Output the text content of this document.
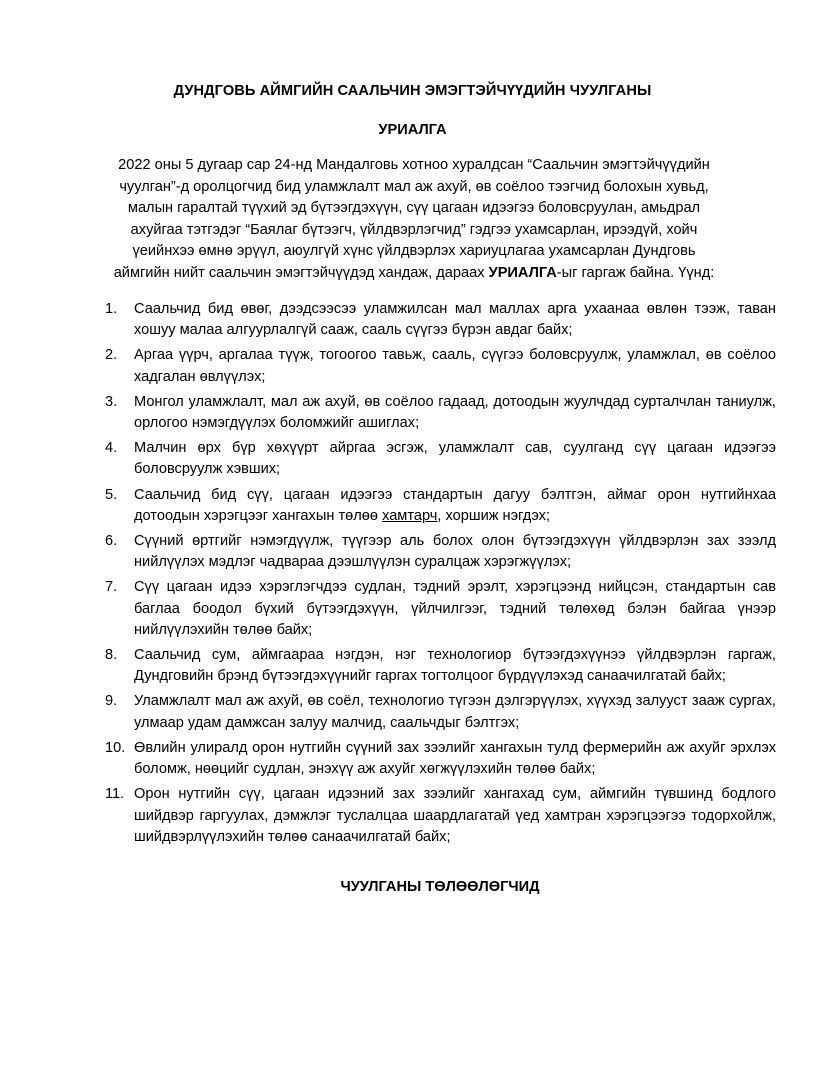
ДУНДГОВЬ АЙМГИЙН СААЛЬЧИН ЭМЭГТЭЙЧҮҮДИЙН ЧУУЛГАНЫ
УРИАЛГА
2022 оны 5 дугаар сар 24-нд Мандалговь хотноо хуралдсан “Саальчин эмэгтэйчүүдийн чуулган”-д оролцогчид бид уламжлалт мал аж ахуй, өв соёлоо тээгчид болохын хувьд, малын гаралтай түүхий эд бүтээгдэхүүн, сүү цагаан идээгээ боловсруулан, амьдрал ахуйгаа тэтгэдэг “Баялаг бүтээгч, үйлдвэрлэгчид” гэдгээ ухамсарлан, ирээдүй, хойч үеийнхээ өмнө эрүүл, аюулгүй хүнс үйлдвэрлэх хариуцлагаа ухамсарлан Дундговь аймгийн нийт саальчин эмэгтэйчүүдэд хандаж, дараах УРИАЛГА-ыг гаргаж байна. Үүнд:
1. Саальчид бид өвөг, дээдсээсээ уламжилсан мал маллах арга ухаанаа өвлөн тээж, таван хошуу малаа алгуурлалгүй сааж, сааль сүүгээ бүрэн авдаг байх;
2. Аргаа үүрч, аргалаа түүж, тогоогоо тавьж, сааль, сүүгээ боловсруулж, уламжлал, өв соёлоо хадгалан өвлүүлэх;
3. Монгол уламжлалт, мал аж ахуй, өв соёлоо гадаад, дотоодын жуулчдад сурталчлан таниулж, орлогоо нэмэгдүүлэх боломжийг ашиглах;
4. Малчин өрх бүр хөхүүрт айргаа эсгэж, уламжлалт сав, суулганд сүү цагаан идээгээ боловсруулж хэвших;
5. Саальчид бид сүү, цагаан идээгээ стандартын дагуу бэлтгэн, аймаг орон нутгийнхаа дотоодын хэрэгцээг хангахын төлөө хамтарч, хоршиж нэгдэх;
6. Сүүний өртгийг нэмэгдүүлж, түүгээр аль болох олон бүтээгдэхүүн үйлдвэрлэн зах зээлд нийлүүлэх мэдлэг чадвараа дээшлүүлэн суралцаж хэрэгжүүлэх;
7. Сүү цагаан идээ хэрэглэгчдээ судлан, тэдний эрэлт, хэрэгцээнд нийцсэн, стандартын сав баглаа боодол бүхий бүтээгдэхүүн, үйлчилгээг, тэдний төлөхөд бэлэн байгаа үнээр нийлүүлэхийн төлөө байх;
8. Саальчид сум, аймгаараа нэгдэн, нэг технологиор бүтээгдэхүүнээ үйлдвэрлэн гаргаж, Дундговийн брэнд бүтээгдэхүүнийг гаргах тогтолцоог бүрдүүлэхэд санаачилгатай байх;
9. Уламжлалт мал аж ахуй, өв соёл, технологио түгээн дэлгэрүүлэх, хүүхэд залууст зааж сургах, улмаар удам дамжсан залуу малчид, саальчдыг бэлтгэх;
10. Өвлийн улиралд орон нутгийн сүүний зах зээлийг хангахын тулд фермерийн аж ахуйг эрхлэх боломж, нөөцийг судлан, энэхүү аж ахуйг хөгжүүлэхийн төлөө байх;
11. Орон нутгийн сүү, цагаан идээний зах зээлийг хангахад сум, аймгийн түвшинд бодлого шийдвэр гаргуулах, дэмжлэг туслалцаа шаардлагатай үед хамтран хэрэгцээгээ тодорхойлж, шийдвэрлүүлэхийн төлөө санаачилгатай байх;
ЧУУЛГАНЫ ТӨЛӨӨЛӨГЧИД
